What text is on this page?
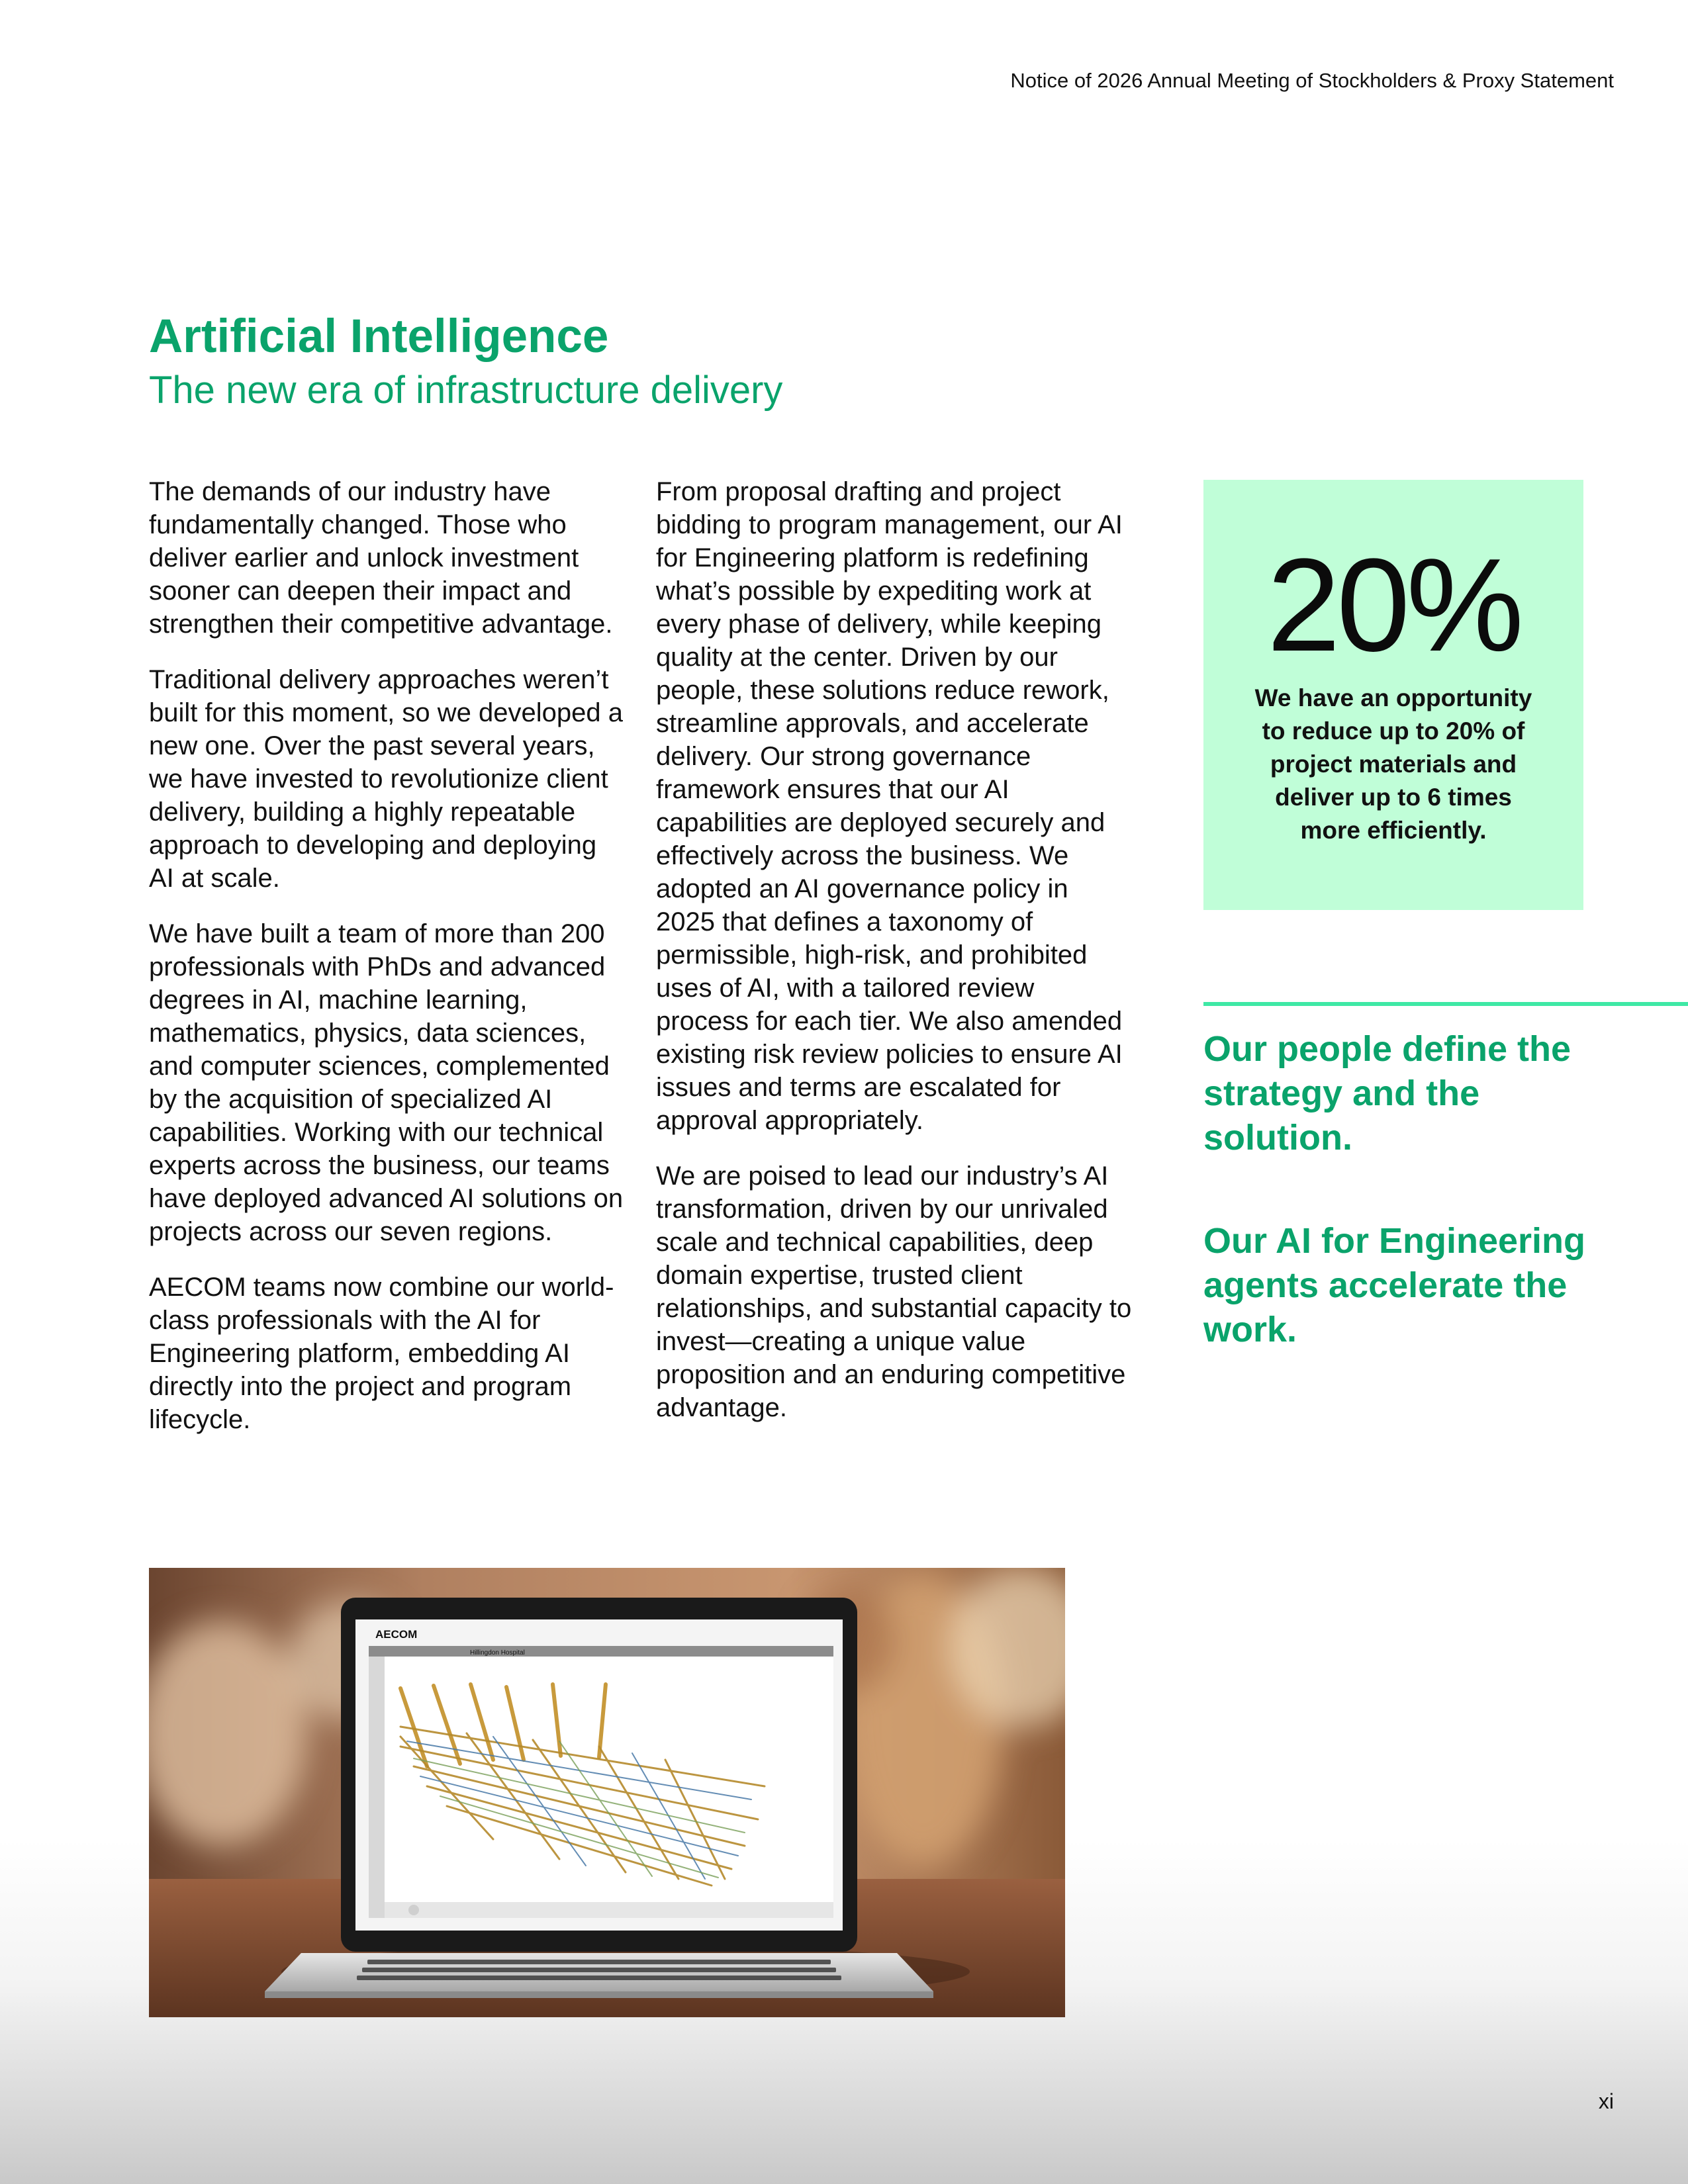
Notice of 2026 Annual Meeting of Stockholders & Proxy Statement
Artificial Intelligence
The new era of infrastructure delivery

The demands of our industry have fundamentally changed. Those who deliver earlier and unlock investment sooner can deepen their impact and strengthen their competitive advantage.

Traditional delivery approaches weren’t built for this moment, so we developed a new one. Over the past several years, we have invested to revolutionize client delivery, building a highly repeatable approach to developing and deploying AI at scale.

We have built a team of more than 200 professionals with PhDs and advanced degrees in AI, machine learning, mathematics, physics, data sciences, and computer sciences, complemented by the acquisition of specialized AI capabilities. Working with our technical experts across the business, our teams have deployed advanced AI solutions on projects across our seven regions.

AECOM teams now combine our world-class professionals with the AI for Engineering platform, embedding AI directly into the project and program lifecycle.

From proposal drafting and project bidding to program management, our AI for Engineering platform is redefining what’s possible by expediting work at every phase of delivery, while keeping quality at the center. Driven by our people, these solutions reduce rework, streamline approvals, and accelerate delivery. Our strong governance framework ensures that our AI capabilities are deployed securely and effectively across the business. We adopted an AI governance policy in 2025 that defines a taxonomy of permissible, high-risk, and prohibited uses of AI, with a tailored review process for each tier. We also amended existing risk review policies to ensure AI issues and terms are escalated for approval appropriately.

We are poised to lead our industry’s AI transformation, driven by our unrivaled scale and technical capabilities, deep domain expertise, trusted client relationships, and substantial capacity to invest—creating a unique value proposition and an enduring competitive advantage.

20%
We have an opportunity to reduce up to 20% of project materials and deliver up to 6 times more efficiently.

Our people define the strategy and the solution.

Our AI for Engineering agents accelerate the work.

AECOM
Hillingdon Hospital
xi
